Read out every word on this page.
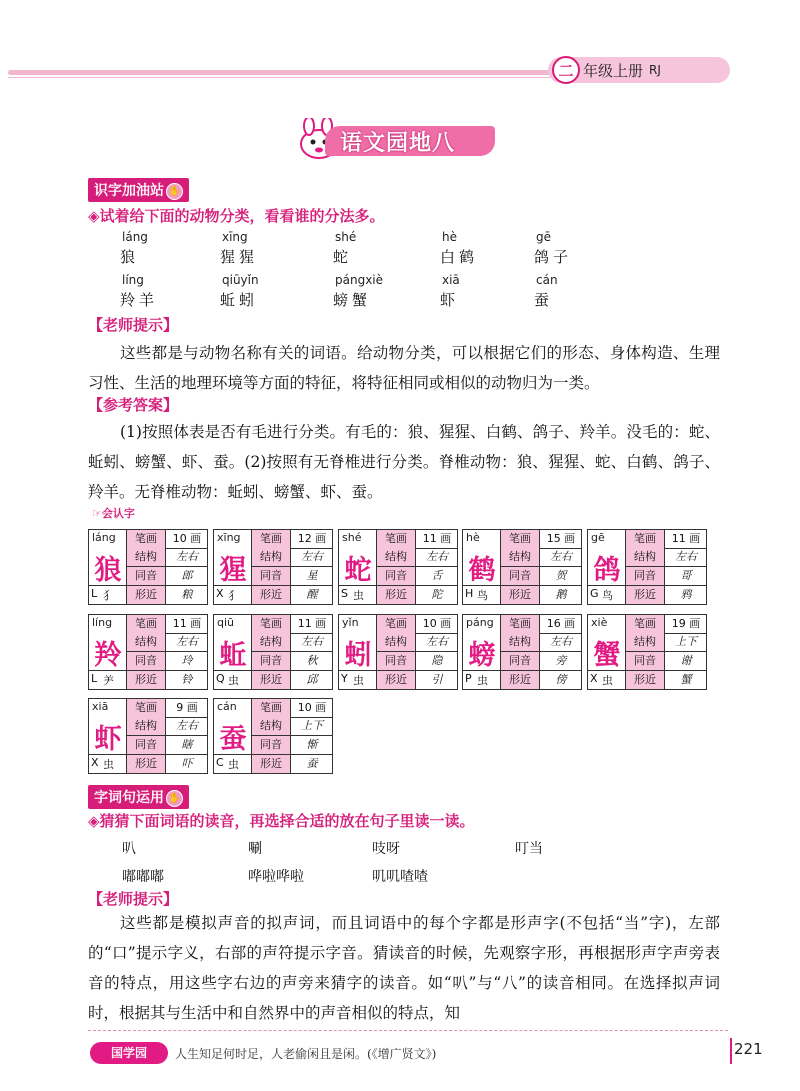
二 年级上册 RJ
语文园地八
识字加油站 ✋
◈试着给下面的动物分类，看看谁的分法多。
láng
狼
xīng
猩猩
shé
蛇
hè
白鹤
gē
鸽子
líng
羚羊
qiūyǐn
蚯蚓
pángxiè
螃蟹
xiā
虾
cán
蚕
【老师提示】
这些都是与动物名称有关的词语。给动物分类，可以根据它们的形态、身体构造、生理习性、生活的地理环境等方面的特征，将特征相同或相似的动物归为一类。
【参考答案】
(1)按照体表是否有毛进行分类。有毛的：狼、猩猩、白鹤、鸽子、羚羊。没毛的：蛇、蚯蚓、螃蟹、虾、蚕。(2)按照有无脊椎进行分类。脊椎动物：狼、猩猩、蛇、白鹤、鸽子、羚羊。无脊椎动物：蚯蚓、螃蟹、虾、蚕。
☞会认字
láng
狼
L 犭
笔画	10 画
结构	左右
同音	郎
形近	粮
xīng
猩
X 犭
笔画	12 画
结构	左右
同音	星
形近	醒
shé
蛇
S 虫
笔画	11 画
结构	左右
同音	舌
形近	陀
hè
鹤
H 鸟
笔画	15 画
结构	左右
同音	贺
形近	鹅
gē
鸽
G 鸟
笔画	11 画
结构	左右
同音	哥
形近	鸦
líng
羚
L ⺶
笔画	11 画
结构	左右
同音	玲
形近	铃
qiū
蚯
Q 虫
笔画	11 画
结构	左右
同音	秋
形近	邱
yǐn
蚓
Y 虫
笔画	10 画
结构	左右
同音	隐
形近	引
páng
螃
P 虫
笔画	16 画
结构	左右
同音	旁
形近	傍
xiè
蟹
X 虫
笔画	19 画
结构	上下
同音	谢
形近	蟹
xiā
虾
X 虫
笔画	9 画
结构	左右
同音	瞎
形近	吓
cán
蚕
C 虫
笔画	10 画
结构	上下
同音	惭
形近	蚕
字词句运用 ✋
◈猜猜下面词语的读音，再选择合适的放在句子里读一读。
叭	唰	吱呀	叮当
嘟嘟嘟	哗啦哗啦	叽叽喳喳
【老师提示】
这些都是模拟声音的拟声词，而且词语中的每个字都是形声字(不包括“当”字)，左部的“口”提示字义，右部的声符提示字音。猜读音的时候，先观察字形，再根据形声字声旁表音的特点，用这些字右边的声旁来猜字的读音。如“叭”与“八”的读音相同。在选择拟声词时，根据其与生活中和自然界中的声音相似的特点，知
国学园	人生知足何时足，人老偷闲且是闲。(《增广贤文》)	221
